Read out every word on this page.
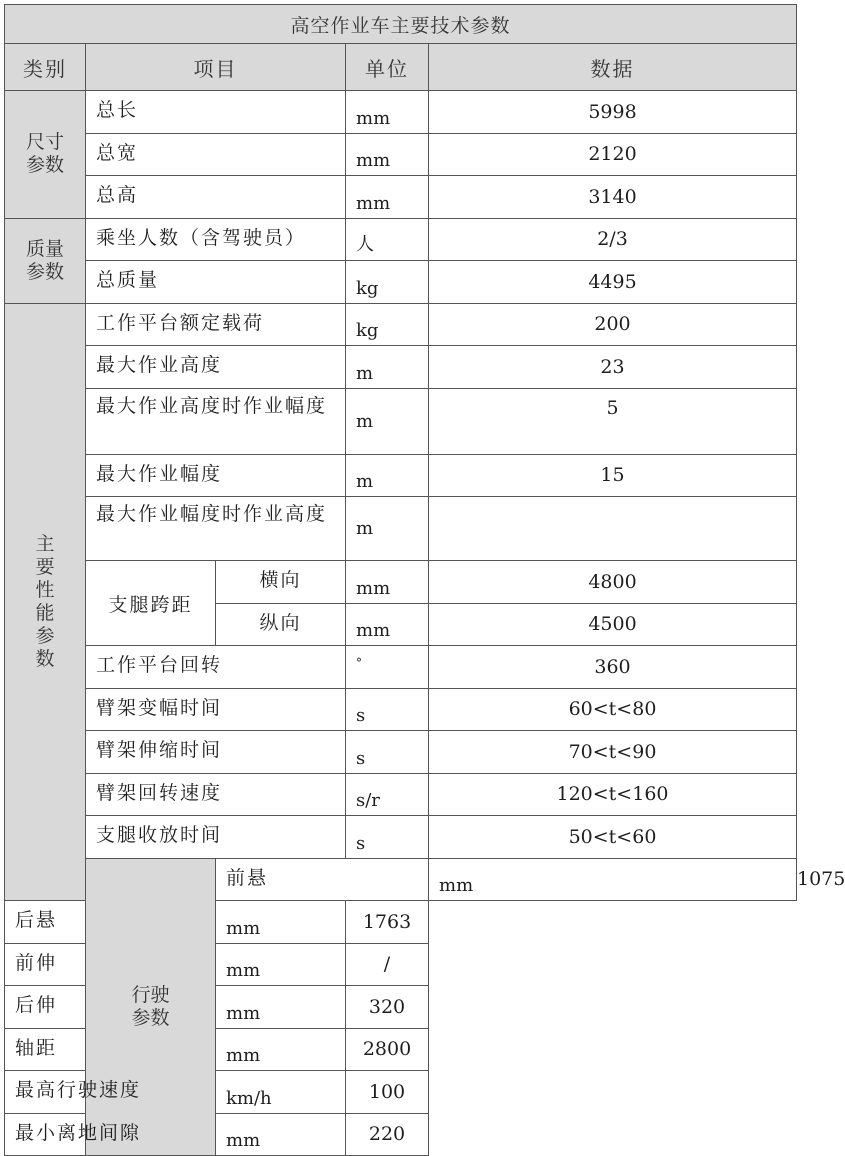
高空作业车主要技术参数					
类别	项目		单位	数据	
尺寸参数	总长		mm	5998	
	总宽		mm	2120	
	总高		mm	3140	
质量参数	乘坐人数（含驾驶员）		人	2/3	
	总质量		kg	4495	
主要性能参数	工作平台额定载荷		kg	200	
	最大作业高度		m	23	
	最大作业高度时作业幅度		m	5	
	最大作业幅度		m	15	
	最大作业幅度时作业高度		m		
	支腿跨距	横向	mm	4800	
		纵向	mm	4500	
	工作平台回转		°	360	
	臂架变幅时间		s	60<t<80	
	臂架伸缩时间		s	70<t<90	
	臂架回转速度		s/r	120<t<160	
	支腿收放时间		s	50<t<60	
	行驶参数	前悬		mm	1075
后悬		mm	1763		
前伸		mm	/		
后伸		mm	320		
轴距		mm	2800		
最高行驶速度		km/h	100		
最小离地间隙		mm	220		
